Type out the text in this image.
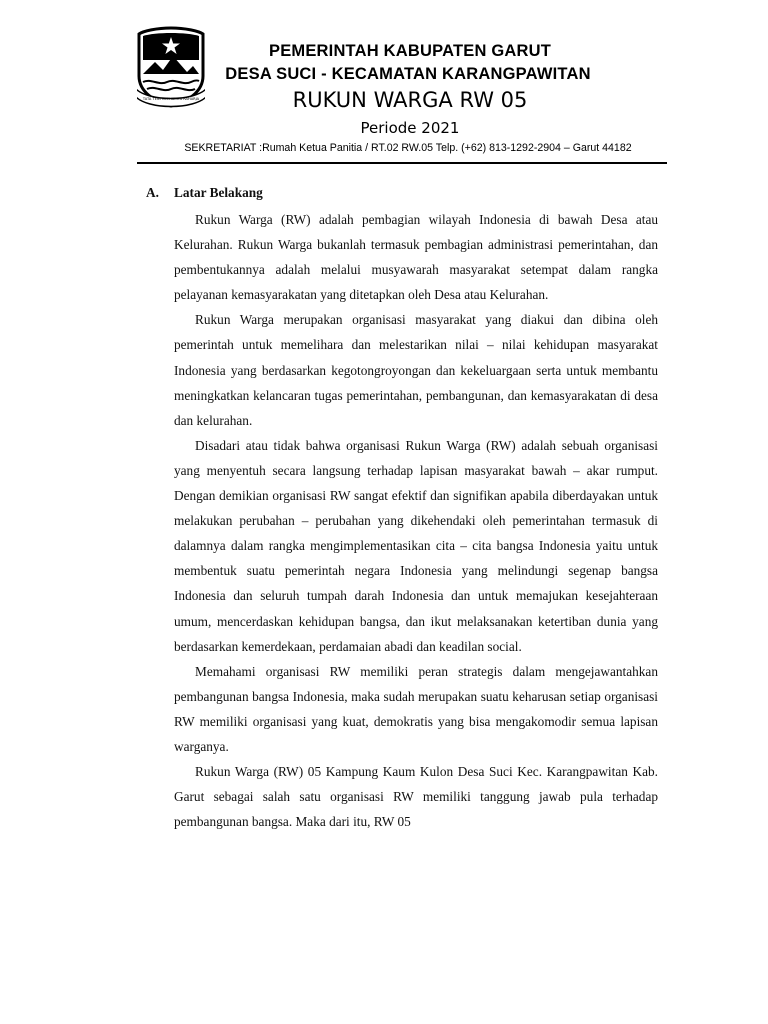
TATA TENTREM KERTA RAHARJA
PEMERINTAH KABUPATEN GARUT
DESA SUCI - KECAMATAN KARANGPAWITAN
RUKUN WARGA RW 05
Periode 2021
SEKRETARIAT :Rumah Ketua Panitia / RT.02 RW.05 Telp. (+62) 813-1292-2904 – Garut 44182
A.	Latar Belakang

Rukun Warga (RW) adalah pembagian wilayah Indonesia di bawah Desa atau Kelurahan. Rukun Warga bukanlah termasuk pembagian administrasi pemerintahan, dan pembentukannya adalah melalui musyawarah masyarakat setempat dalam rangka pelayanan kemasyarakatan yang ditetapkan oleh Desa atau Kelurahan.

Rukun Warga merupakan organisasi masyarakat yang diakui dan dibina oleh pemerintah untuk memelihara dan melestarikan nilai – nilai kehidupan masyarakat Indonesia yang berdasarkan kegotongroyongan dan kekeluargaan serta untuk membantu meningkatkan kelancaran tugas pemerintahan, pembangunan, dan kemasyarakatan di desa dan kelurahan.

Disadari atau tidak bahwa organisasi Rukun Warga (RW) adalah sebuah organisasi yang menyentuh secara langsung terhadap lapisan masyarakat bawah – akar rumput. Dengan demikian organisasi RW sangat efektif dan signifikan apabila diberdayakan untuk melakukan perubahan – perubahan yang dikehendaki oleh pemerintahan termasuk di dalamnya dalam rangka mengimplementasikan cita – cita bangsa Indonesia yaitu untuk membentuk suatu pemerintah negara Indonesia yang melindungi segenap bangsa Indonesia dan seluruh tumpah darah Indonesia dan untuk memajukan kesejahteraan umum, mencerdaskan kehidupan bangsa, dan ikut melaksanakan ketertiban dunia yang berdasarkan kemerdekaan, perdamaian abadi dan keadilan social.

Memahami organisasi RW memiliki peran strategis dalam mengejawantahkan pembangunan bangsa Indonesia, maka sudah merupakan suatu keharusan setiap organisasi RW memiliki organisasi yang kuat, demokratis yang bisa mengakomodir semua lapisan warganya.

Rukun Warga (RW) 05 Kampung Kaum Kulon Desa Suci Kec. Karangpawitan Kab. Garut sebagai salah satu organisasi RW memiliki tanggung jawab pula terhadap pembangunan bangsa. Maka dari itu, RW 05
